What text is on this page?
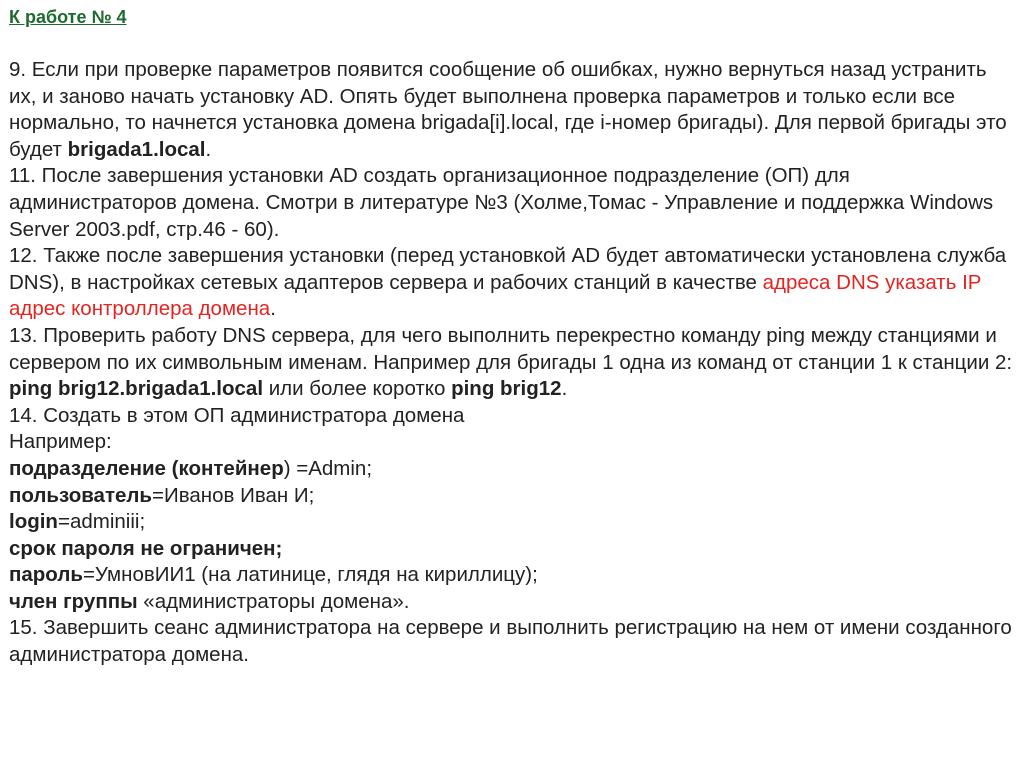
К работе № 4

9. Если при проверке параметров появится сообщение об ошибках, нужно вернуться назад устранить их, и заново начать установку AD. Опять будет выполнена проверка параметров и только если все нормально, то начнется установка домена brigada[i].local, где i-номер бригады). Для первой бригады это будет brigada1.local.

11. После завершения установки AD создать организационное подразделение (ОП) для администраторов домена. Смотри в литературе №3 (Холме,Томас - Управление и поддержка Windows Server 2003.pdf, стр.46 - 60).

12. Также после завершения установки (перед установкой AD будет автоматически установлена служба DNS), в настройках сетевых адаптеров сервера и рабочих станций в качестве адреса DNS указать IP адрес контроллера домена.

13. Проверить работу DNS сервера, для чего выполнить перекрестно команду ping между станциями и сервером по их символьным именам. Например для бригады 1 одна из команд от станции 1 к станции 2: ping brig12.brigada1.local или более коротко ping brig12.

14. Создать в этом ОП администратора домена

Например:

подразделение (контейнер) =Admin;

пользователь=Иванов Иван И;

login=adminiii;

срок пароля не ограничен;

пароль=УмновИИ1 (на латинице, глядя на кириллицу);

член группы «администраторы домена».

15. Завершить сеанс администратора на сервере и выполнить регистрацию на нем от имени созданного администратора домена.
